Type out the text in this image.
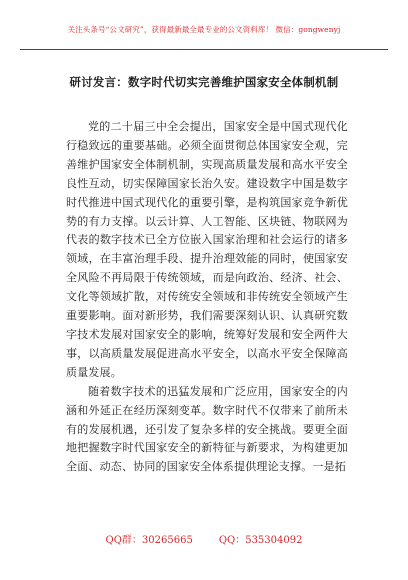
关注头条号“公文研究”，获得最新最全最专业的公文资料库！ 微信：gongwenyj
研讨发言：数字时代切实完善维护国家安全体制机制

党的二十届三中全会提出，国家安全是中国式现代化行稳致远的重要基础。必须全面贯彻总体国家安全观，完善维护国家安全体制机制，实现高质量发展和高水平安全良性互动，切实保障国家长治久安。建设数字中国是数字时代推进中国式现代化的重要引擎，是构筑国家竞争新优势的有力支撑。以云计算、人工智能、区块链、物联网为代表的数字技术已全方位嵌入国家治理和社会运行的诸多领域，在丰富治理手段、提升治理效能的同时，使国家安全风险不再局限于传统领域，而是向政治、经济、社会、文化等领域扩散，对传统安全领域和非传统安全领域产生重要影响。面对新形势，我们需要深刻认识、认真研究数字技术发展对国家安全的影响，统筹好发展和安全两件大事，以高质量发展促进高水平安全，以高水平安全保障高质量发展。

随着数字技术的迅猛发展和广泛应用，国家安全的内涵和外延正在经历深刻变革。数字时代不仅带来了前所未有的发展机遇，还引发了复杂多样的安全挑战。要更全面地把握数字时代国家安全的新特征与新要求，为构建更加全面、动态、协同的国家安全体系提供理论支撑。一是拓

QQ群：30265665	QQ：535304092
